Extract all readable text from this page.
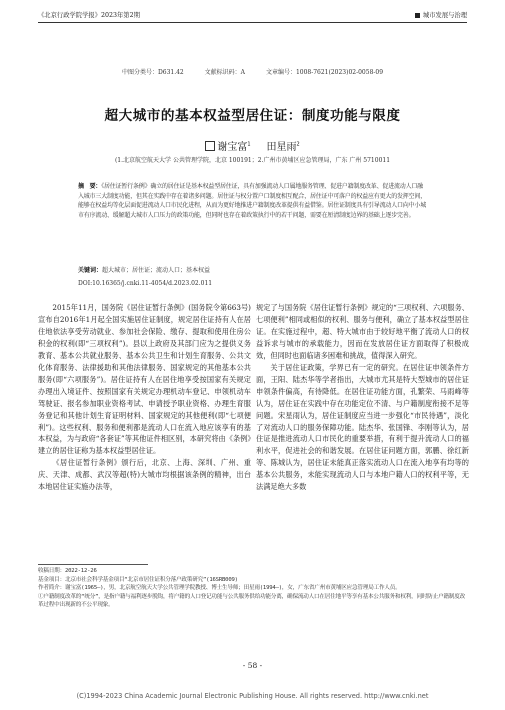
《北京行政学院学报》2023年第2期	城市发展与治理
中图分类号：D631.42	文献标识码：A	文章编号：1008-7621(2023)02-0058-09
超大城市的基本权益型居住证：制度功能与限度
谢宝富$^1$ 田星雨$^2$
(1.北京航空航天大学 公共管理学院，北京 100191；2.广州市黄埔区应急管理局，广东 广州 5710011
摘　要：《居住证暂行条例》确立的居住证是基本权益型居住证，具有加强流动人口属地服务管理、促进户籍制度改革、促进流动人口融入城市三大制度功能，但其在实践中存在着诸多问题。居住证与权分置户口制度相互配合，居住证中可落户的权益应有更大的发挥空间，能够在权益均等化层面促进流动人口市民化进程，从而为更好地推进户籍制度改革提供有益借鉴。居住证制度具有引导流动人口向中小城市有序流动、缓解超大城市人口压力的政策功能，但同时也存在着政策执行中的若干问题，需要在厘清制度边界的基础上逐步完善。
关键词：超大城市；居住证；流动人口；基本权益
DOI:10.16365/j.cnki.11-4054/d.2023.02.011

2015年11月，国务院《居住证暂行条例》(国务院令第663号)宣布自2016年1月起全国实施居住证制度，规定居住证持有人在居住地依法享受劳动就业、参加社会保险、缴存、提取和使用住房公积金的权利(即“三项权利”)。县以上政府及其部门应为之提供义务教育、基本公共就业服务、基本公共卫生和计划生育服务、公共文化体育服务、法律援助和其他法律服务、国家规定的其他基本公共服务(即“六项服务”)。居住证持有人在居住地享受按国家有关规定办理出入境证件、按照国家有关规定办理机动车登记、申领机动车驾驶证、报名参加职业资格考试、申请授予职业资格、办理生育服务登记和其他计划生育证明材料、国家规定的其他便利(即“七项便利”)。这些权利、服务和便利都是流动人口在流入地应该享有的基本权益，为与政府“各套证”等其他证件相区别，本研究将由《条例》建立的居住证称为基本权益型居住证。

《居住证暂行条例》颁行后，北京、上海、深圳、广州、重庆、天津、成都、武汉等超(特)大城市均根据该条例的精神，出台本地居住证实施办法等，

规定了与国务院《居住证暂行条例》规定的“三项权利、六项服务、七项便利”相同或相似的权利、服务与便利，确立了基本权益型居住证。在实施过程中，超、特大城市由于较好地平衡了流动人口的权益诉求与城市的承载能力，因而在发放居住证方面取得了积极成效，但同时也面临诸多困难和挑战，值得深入研究。

关于居住证政策，学界已有一定的研究。在居住证申领条件方面，王阳、陆杰华等学者指出，大城市尤其是特大型城市的居住证申领条件偏高，有待降低。在居住证功能方面，孔繁荣、马雨峰等认为，居住证在实践中存在功能定位不清、与户籍制度衔接不足等问题。宋星雨认为，居住证制度应当进一步强化“市民待遇”，淡化了对流动人口的服务保障功能。陆杰华、张国锋、李刚等认为，居住证是推进流动人口市民化的重要举措，有利于提升流动人口的福利水平，促进社会的和谐发展。在居住证问题方面，郭鹏、徐红新等、陈城认为，居住证未能真正落实流动人口在流入地享有均等的基本公共服务，未能实现流动人口与本地户籍人口的权利平等，无法满足绝大多数

收稿日期：2022-12-26
基金项目：北京市社会科学基金项目“北京市居住证积分落户政策研究”(16SRB009)
作者简介：谢宝富(1965—)，男，北京航空航天大学公共管理学院教授、博士生导师；田星雨(1994—)，女，广东省广州市黄埔区应急管理局工作人员。
①户籍制度改革的“统分”，是指户籍与福利逐步脱钩，将户籍的人口登记功能与公共服务供给功能分离，确保流动人口在居住地平等享有基本公共服务和权利，同时防止户籍制度改革过程中出现新的不公平现象。
- 58 -
(C)1994-2023 China Academic Journal Electronic Publishing House. All rights reserved. http://www.cnki.net
